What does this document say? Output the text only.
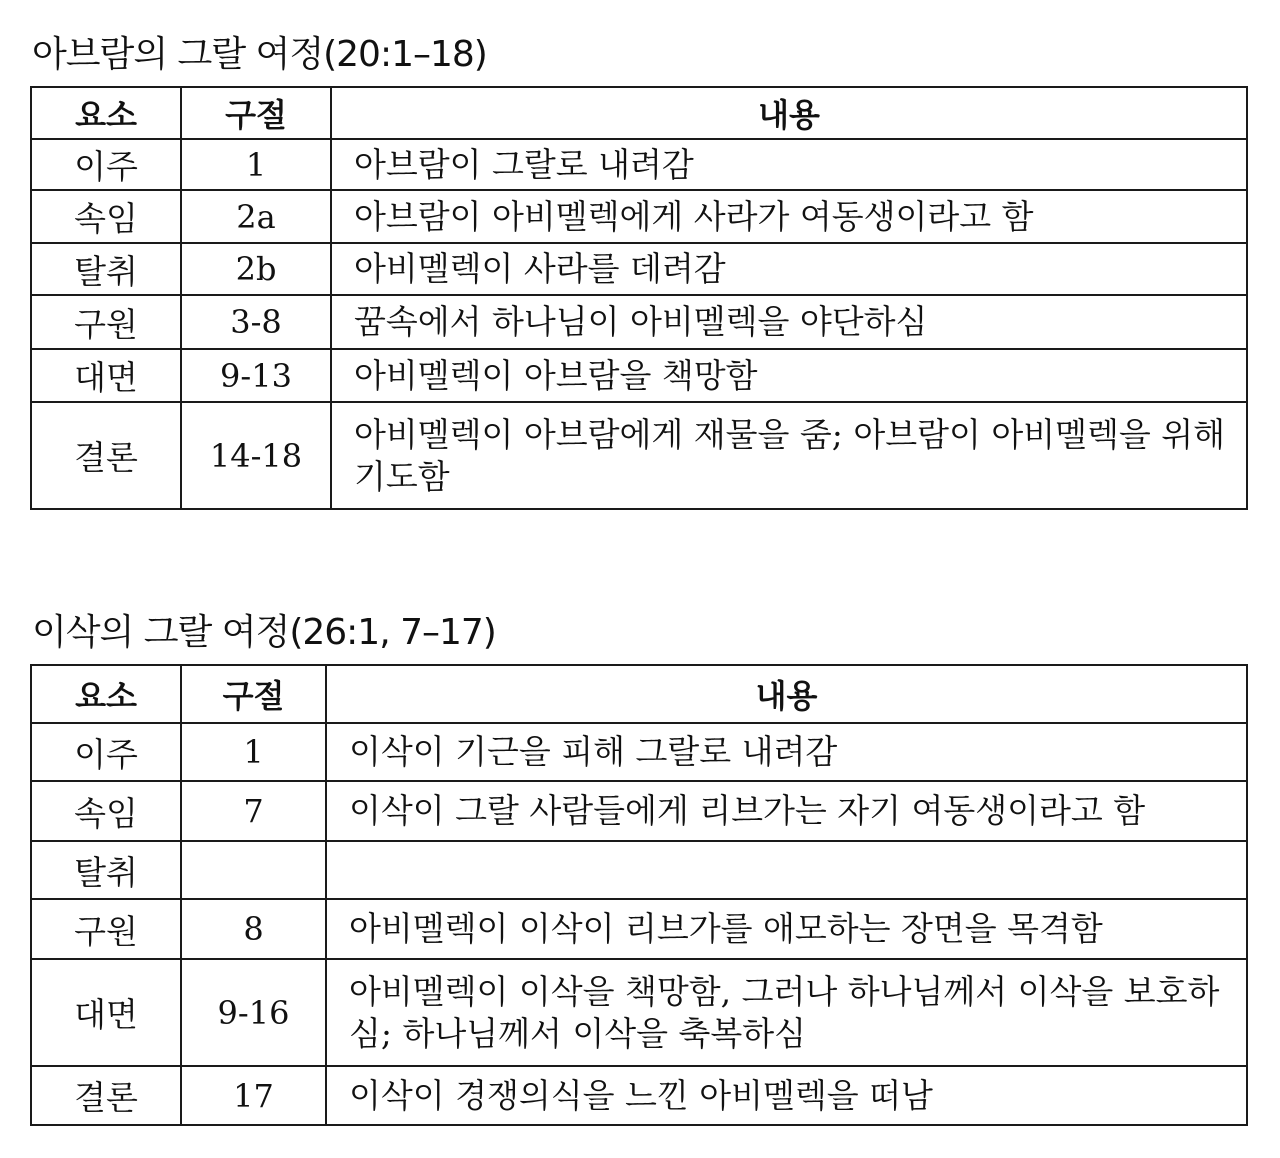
아브람의 그랄 여정(20:1–18)
요소	구절	내용
이주	1	아브람이 그랄로 내려감
속임	2a	아브람이 아비멜렉에게 사라가 여동생이라고 함
탈취	2b	아비멜렉이 사라를 데려감
구원	3-8	꿈속에서 하나님이 아비멜렉을 야단하심
대면	9-13	아비멜렉이 아브람을 책망함
결론	14-18	아비멜렉이 아브람에게 재물을 줌; 아브람이 아비멜렉을 위해 기도함
이삭의 그랄 여정(26:1, 7–17)
요소	구절	내용
이주	1	이삭이 기근을 피해 그랄로 내려감
속임	7	이삭이 그랄 사람들에게 리브가는 자기 여동생이라고 함
탈취		
구원	8	아비멜렉이 이삭이 리브가를 애모하는 장면을 목격함
대면	9-16	아비멜렉이 이삭을 책망함, 그러나 하나님께서 이삭을 보호하심; 하나님께서 이삭을 축복하심
결론	17	이삭이 경쟁의식을 느낀 아비멜렉을 떠남
